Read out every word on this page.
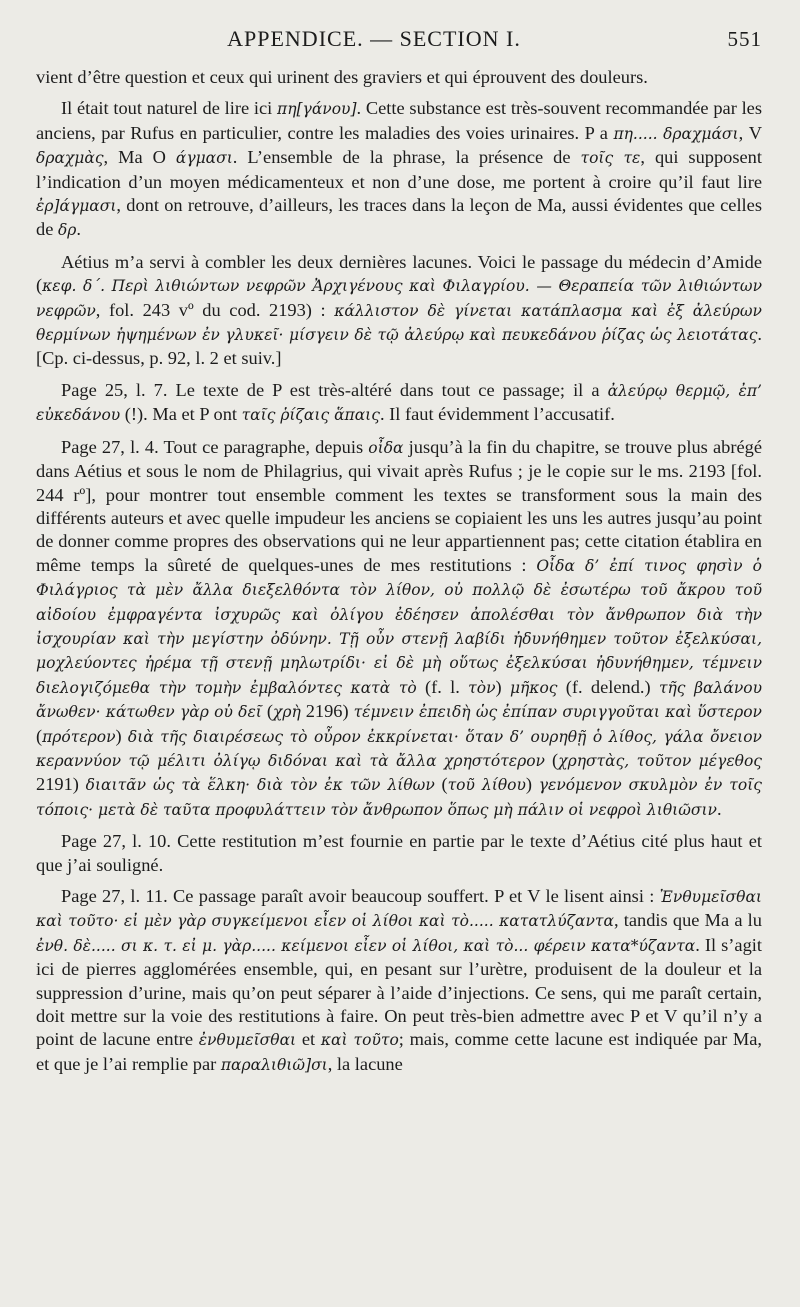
APPENDICE. — SECTION I.	551

vient d’être question et ceux qui urinent des graviers et qui éprouvent des douleurs.

Il était tout naturel de lire ici πη[γάνου]. Cette substance est très-souvent recommandée par les anciens, par Rufus en particulier, contre les maladies des voies urinaires. P a πη..... δραχμάσι, V δραχμὰς, Ma O άγμασι. L’ensemble de la phrase, la présence de τοῖς τε, qui supposent l’indication d’un moyen médicamenteux et non d’une dose, me portent à croire qu’il faut lire ἐρ]άγμασι, dont on retrouve, d’ailleurs, les traces dans la leçon de Ma, aussi évidentes que celles de δρ.

Aétius m’a servi à combler les deux dernières lacunes. Voici le passage du médecin d’Amide (κεφ. δ΄. Περὶ λιθιώντων νεφρῶν Ἀρχιγένους καὶ Φιλαγρίου. — Θεραπεία τῶν λιθιώντων νεφρῶν, fol. 243 vº du cod. 2193) : κάλλιστον δὲ γίνεται κατάπλασμα καὶ ἐξ ἀλεύρων θερμίνων ἡψημένων ἐν γλυκεῖ· μίσγειν δὲ τῷ ἀλεύρῳ καὶ πευκεδάνου ῥίζας ὡς λειοτάτας. [Cp. ci-dessus, p. 92, l. 2 et suiv.]

Page 25, l. 7. Le texte de P est très-altéré dans tout ce passage; il a ἀλεύρῳ θερμῷ, ἐπ’ εὐκεδάνου (!). Ma et P ont ταῖς ῥίζαις ἅπαις. Il faut évidemment l’accusatif.

Page 27, l. 4. Tout ce paragraphe, depuis οἶδα jusqu’à la fin du chapitre, se trouve plus abrégé dans Aétius et sous le nom de Philagrius, qui vivait après Rufus ; je le copie sur le ms. 2193 [fol. 244 rº], pour montrer tout ensemble comment les textes se transforment sous la main des différents auteurs et avec quelle impudeur les anciens se copiaient les uns les autres jusqu’au point de donner comme propres des observations qui ne leur appartiennent pas; cette citation établira en même temps la sûreté de quelques-unes de mes restitutions : Οἶδα δ’ ἐπί τινος φησὶν ὁ Φιλάγριος τὰ μὲν ἄλλα διεξελθόντα τὸν λίθον, οὐ πολλῷ δὲ ἐσωτέρω τοῦ ἄκρου τοῦ αἰδοίου ἐμφραγέντα ἰσχυρῶς καὶ ὀλίγου ἐδέησεν ἀπολέσθαι τὸν ἄνθρωπον διὰ τὴν ἰσχουρίαν καὶ τὴν μεγίστην ὀδύνην. Τῇ οὖν στενῇ λαβίδι ἠδυνήθημεν τοῦτον ἐξελκύσαι, μοχλεύοντες ἠρέμα τῇ στενῇ μηλωτρίδι· εἰ δὲ μὴ οὕτως ἐξελκύσαι ἠδυνήθημεν, τέμνειν διελογιζόμεθα τὴν τομὴν ἐμβαλόντες κατὰ τὸ (f. l. τὸν) μῆκος (f. delend.) τῆς βαλάνου ἄνωθεν· κάτωθεν γὰρ οὐ δεῖ (χρὴ 2196) τέμνειν ἐπειδὴ ὡς ἐπίπαν συριγγοῦται καὶ ὕστερον (πρότερον) διὰ τῆς διαιρέσεως τὸ οὖρον ἐκκρίνεται· ὅταν δ’ ουρηθῇ ὁ λίθος, γάλα ὄνειον κεραννύον τῷ μέλιτι ὀλίγῳ διδόναι καὶ τὰ ἄλλα χρηστότερον (χρηστὰς, τοῦτον μέγεθος 2191) διαιτᾶν ὡς τὰ ἕλκη· διὰ τὸν ἐκ τῶν λίθων (τοῦ λίθου) γενόμενον σκυλμὸν ἐν τοῖς τόποις· μετὰ δὲ ταῦτα προφυλάττειν τὸν ἄνθρωπον ὅπως μὴ πάλιν οἱ νεφροὶ λιθιῶσιν.

Page 27, l. 10. Cette restitution m’est fournie en partie par le texte d’Aétius cité plus haut et que j’ai souligné.

Page 27, l. 11. Ce passage paraît avoir beaucoup souffert. P et V le lisent ainsi : Ἐνθυμεῖσθαι καὶ τοῦτο· εἰ μὲν γὰρ συγκείμενοι εἶεν οἱ λίθοι καὶ τὸ..... κατατλύζαντα, tandis que Ma a lu ἐνθ. δὲ..... σι κ. τ. εἰ μ. γὰρ..... κείμενοι εἶεν οἱ λίθοι, καὶ τὸ... φέρειν κατα*ύζαντα. Il s’agit ici de pierres agglomérées ensemble, qui, en pesant sur l’urètre, produisent de la douleur et la suppression d’urine, mais qu’on peut séparer à l’aide d’injections. Ce sens, qui me paraît certain, doit mettre sur la voie des restitutions à faire. On peut très-bien admettre avec P et V qu’il n’y a point de lacune entre ἐνθυμεῖσθαι et καὶ τοῦτο; mais, comme cette lacune est indiquée par Ma, et que je l’ai remplie par παραλιθιῶ]σι, la lacune
